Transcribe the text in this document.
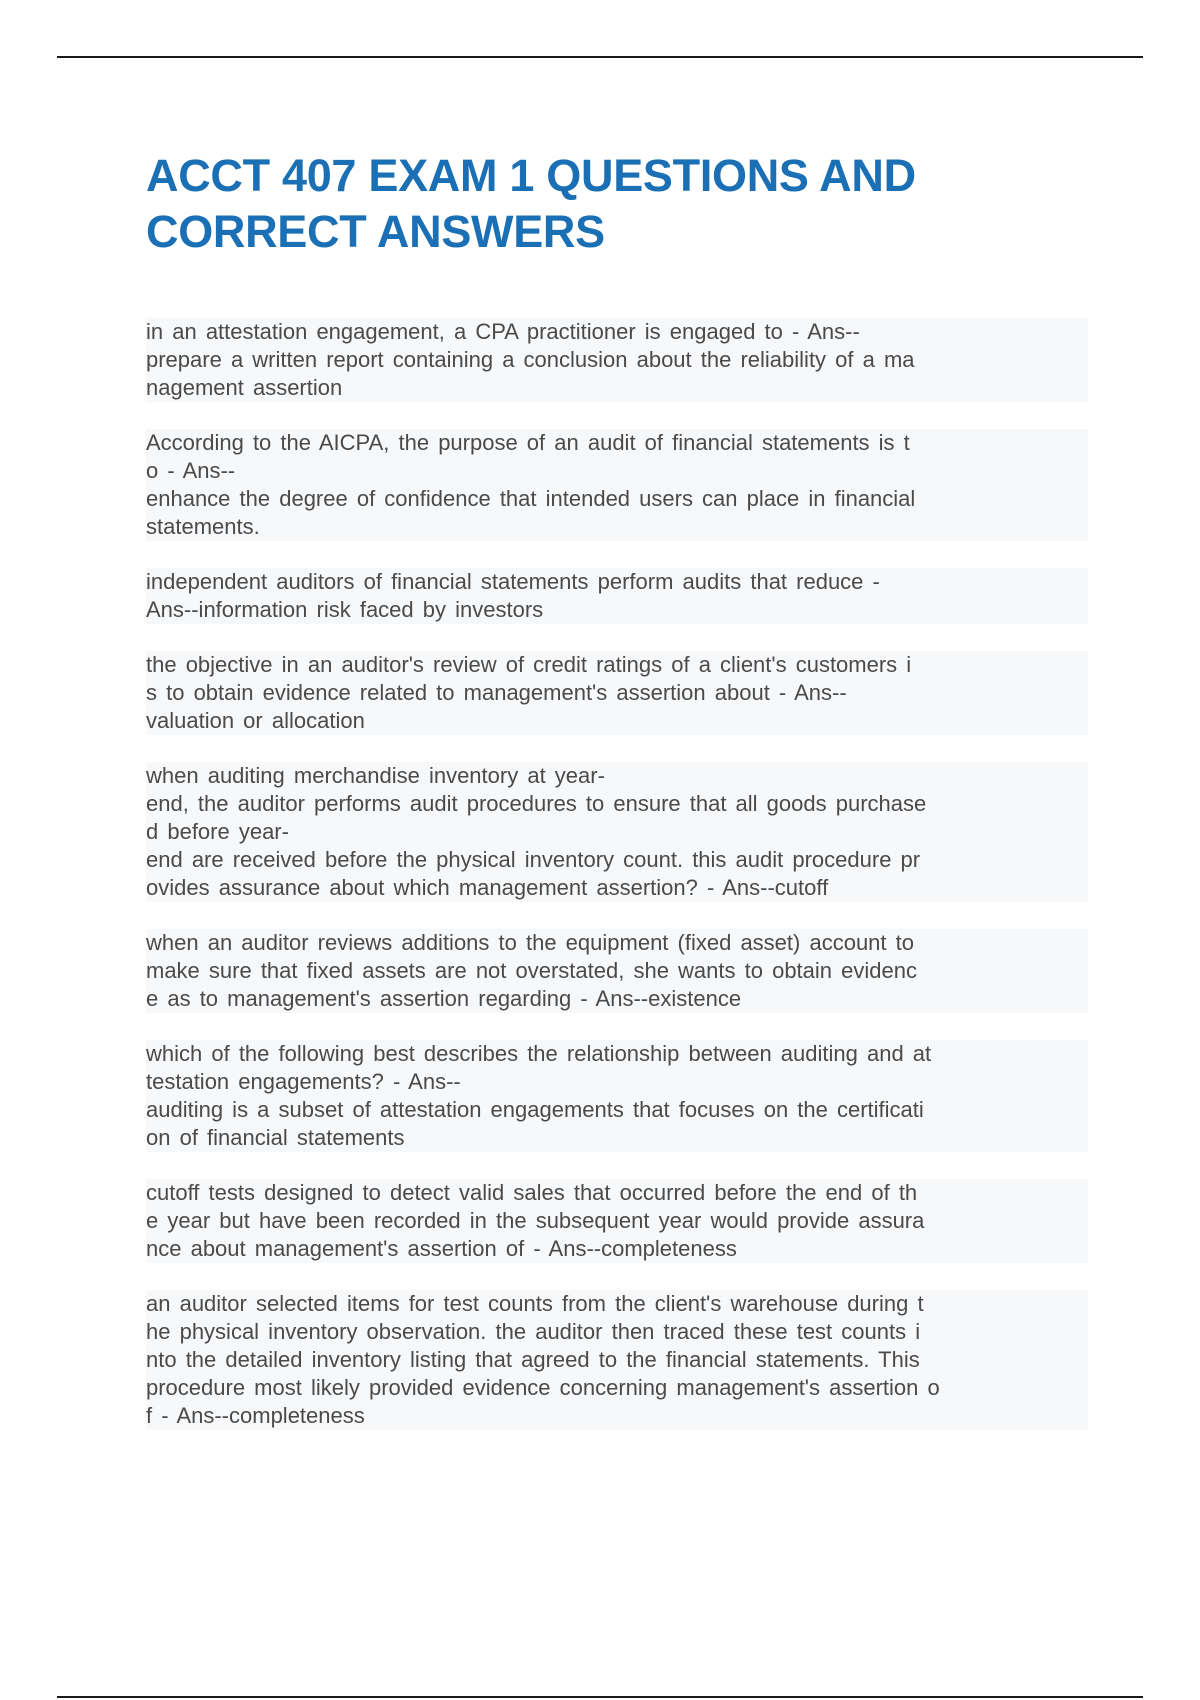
ACCT 407 EXAM 1 QUESTIONS AND CORRECT ANSWERS

in an attestation engagement, a CPA practitioner is engaged to - Ans--
prepare a written report containing a conclusion about the reliability of a ma
nagement assertion

According to the AICPA, the purpose of an audit of financial statements is t
o - Ans--
enhance the degree of confidence that intended users can place in financial
statements.

independent auditors of financial statements perform audits that reduce -
Ans--information risk faced by investors

the objective in an auditor's review of credit ratings of a client's customers i
s to obtain evidence related to management's assertion about - Ans--
valuation or allocation

when auditing merchandise inventory at year-
end, the auditor performs audit procedures to ensure that all goods purchase
d before year-
end are received before the physical inventory count. this audit procedure pr
ovides assurance about which management assertion? - Ans--cutoff

when an auditor reviews additions to the equipment (fixed asset) account to
make sure that fixed assets are not overstated, she wants to obtain evidenc
e as to management's assertion regarding - Ans--existence

which of the following best describes the relationship between auditing and at
testation engagements? - Ans--
auditing is a subset of attestation engagements that focuses on the certificati
on of financial statements

cutoff tests designed to detect valid sales that occurred before the end of th
e year but have been recorded in the subsequent year would provide assura
nce about management's assertion of - Ans--completeness

an auditor selected items for test counts from the client's warehouse during t
he physical inventory observation. the auditor then traced these test counts i
nto the detailed inventory listing that agreed to the financial statements. This
procedure most likely provided evidence concerning management's assertion o
f - Ans--completeness
